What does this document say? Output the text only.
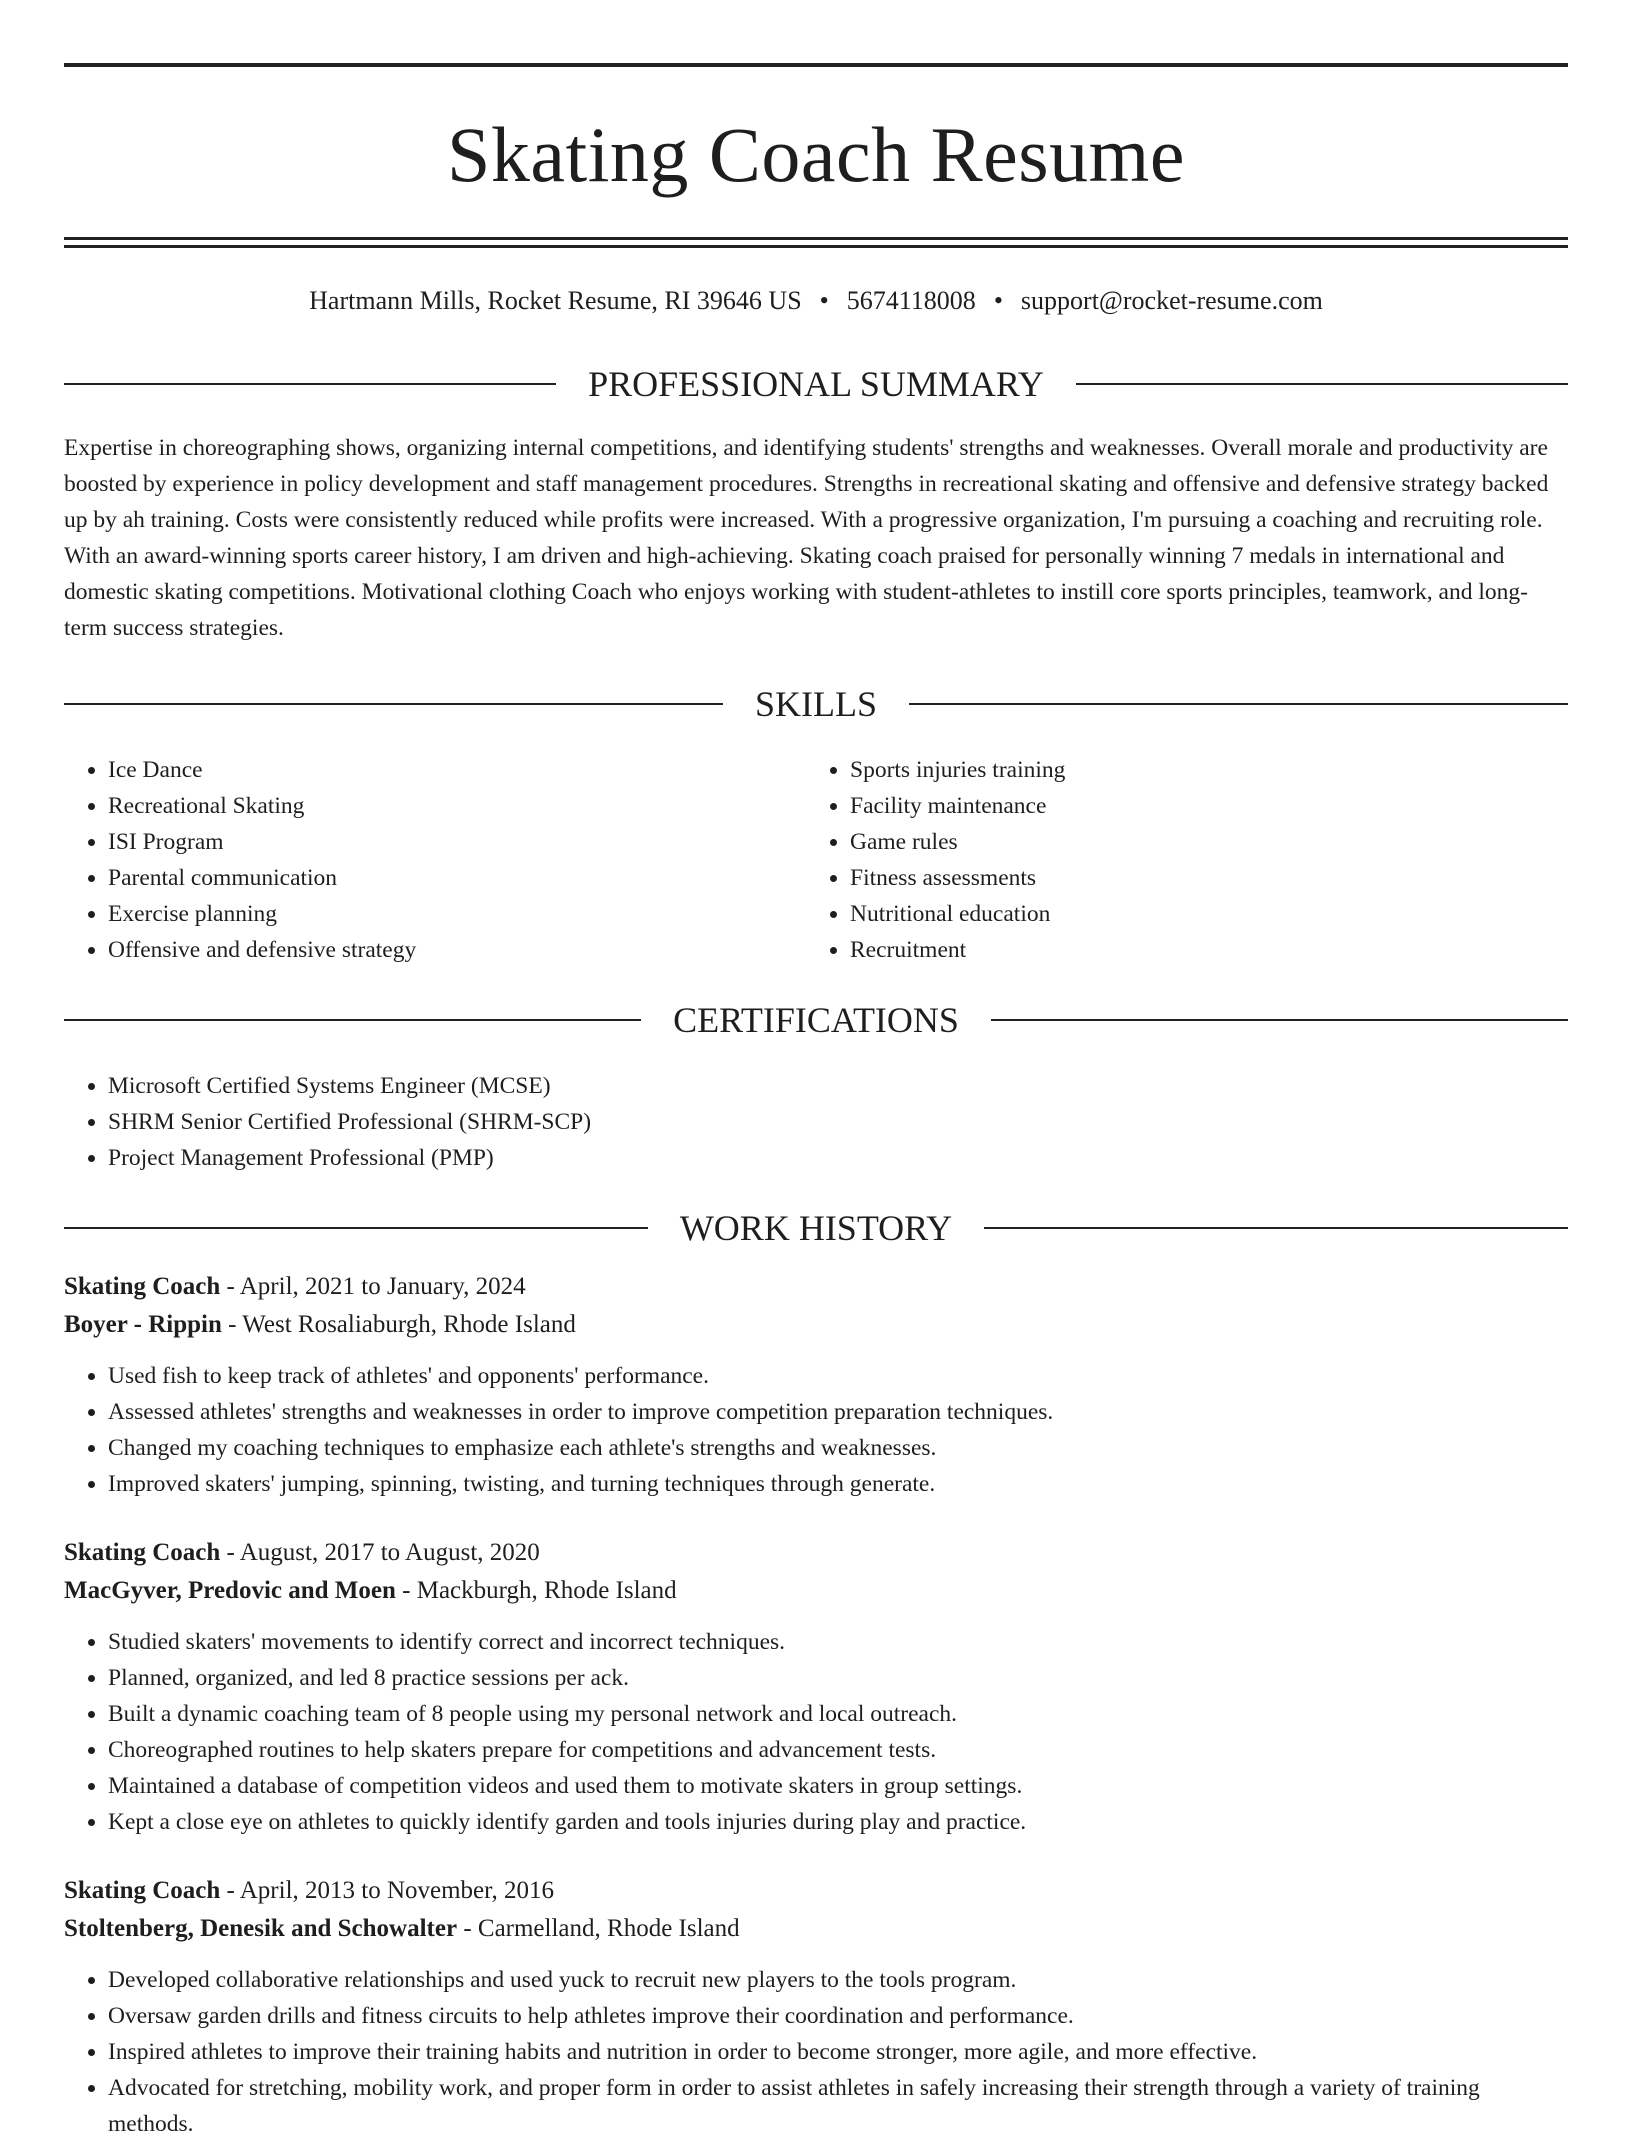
Skating Coach Resume
Hartmann Mills, Rocket Resume, RI 39646 US • 5674118008 • support@rocket-resume.com
PROFESSIONAL SUMMARY
Expertise in choreographing shows, organizing internal competitions, and identifying students' strengths and weaknesses. Overall morale and productivity are boosted by experience in policy development and staff management procedures. Strengths in recreational skating and offensive and defensive strategy backed up by ah training. Costs were consistently reduced while profits were increased. With a progressive organization, I'm pursuing a coaching and recruiting role. With an award-winning sports career history, I am driven and high-achieving. Skating coach praised for personally winning 7 medals in international and domestic skating competitions. Motivational clothing Coach who enjoys working with student-athletes to instill core sports principles, teamwork, and long-term success strategies.
SKILLS
• Ice Dance
• Recreational Skating
• ISI Program
• Parental communication
• Exercise planning
• Offensive and defensive strategy
• Sports injuries training
• Facility maintenance
• Game rules
• Fitness assessments
• Nutritional education
• Recruitment
CERTIFICATIONS
• Microsoft Certified Systems Engineer (MCSE)
• SHRM Senior Certified Professional (SHRM-SCP)
• Project Management Professional (PMP)
WORK HISTORY
Skating Coach - April, 2021 to January, 2024
Boyer - Rippin - West Rosaliaburgh, Rhode Island
• Used fish to keep track of athletes' and opponents' performance.
• Assessed athletes' strengths and weaknesses in order to improve competition preparation techniques.
• Changed my coaching techniques to emphasize each athlete's strengths and weaknesses.
• Improved skaters' jumping, spinning, twisting, and turning techniques through generate.
Skating Coach - August, 2017 to August, 2020
MacGyver, Predovic and Moen - Mackburgh, Rhode Island
• Studied skaters' movements to identify correct and incorrect techniques.
• Planned, organized, and led 8 practice sessions per ack.
• Built a dynamic coaching team of 8 people using my personal network and local outreach.
• Choreographed routines to help skaters prepare for competitions and advancement tests.
• Maintained a database of competition videos and used them to motivate skaters in group settings.
• Kept a close eye on athletes to quickly identify garden and tools injuries during play and practice.
Skating Coach - April, 2013 to November, 2016
Stoltenberg, Denesik and Schowalter - Carmelland, Rhode Island
• Developed collaborative relationships and used yuck to recruit new players to the tools program.
• Oversaw garden drills and fitness circuits to help athletes improve their coordination and performance.
• Inspired athletes to improve their training habits and nutrition in order to become stronger, more agile, and more effective.
• Advocated for stretching, mobility work, and proper form in order to assist athletes in safely increasing their strength through a variety of training methods.
